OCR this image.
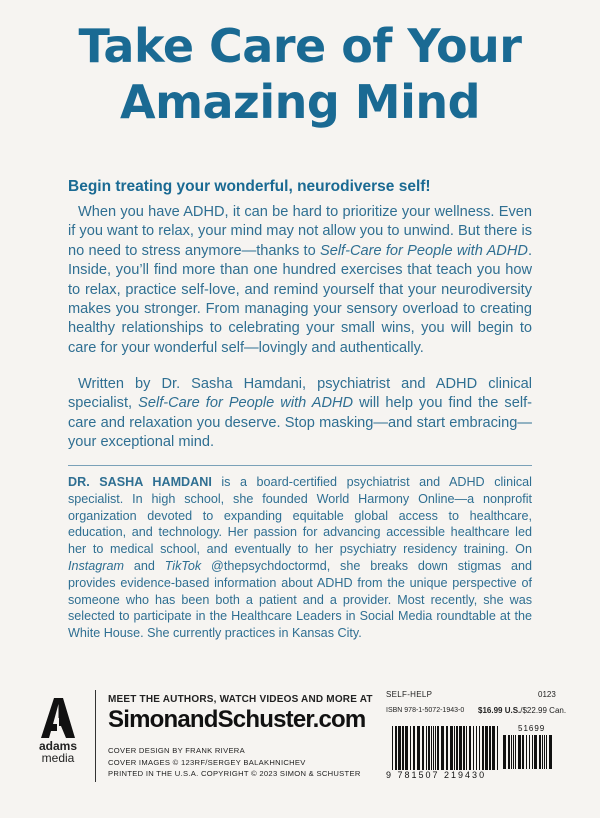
Take Care of Your
Amazing Mind
Begin treating your wonderful, neurodiverse self!
When you have ADHD, it can be hard to prioritize your wellness. Even if you want to relax, your mind may not allow you to unwind. But there is no need to stress anymore—thanks to Self-Care for People with ADHD. Inside, you’ll find more than one hundred exercises that teach you how to relax, practice self-love, and remind yourself that your neurodiversity makes you stronger. From managing your sensory overload to creating healthy relationships to celebrating your small wins, you will begin to care for your wonderful self—lovingly and authentically.
Written by Dr. Sasha Hamdani, psychiatrist and ADHD clinical specialist, Self-Care for People with ADHD will help you find the self-care and relaxation you deserve. Stop masking—and start embracing—your exceptional mind.
DR. SASHA HAMDANI is a board-certified psychiatrist and ADHD clinical specialist. In high school, she founded World Harmony Online—a nonprofit organization devoted to expanding equitable global access to healthcare, education, and technology. Her passion for advancing accessible healthcare led her to medical school, and eventually to her psychiatry residency training. On Instagram and TikTok @thepsychdoctormd, she breaks down stigmas and provides evidence-based information about ADHD from the unique perspective of someone who has been both a patient and a provider. Most recently, she was selected to participate in the Healthcare Leaders in Social Media roundtable at the White House. She currently practices in Kansas City.
adams
media
MEET THE AUTHORS, WATCH VIDEOS AND MORE AT
SimonandSchuster.com
COVER DESIGN BY FRANK RIVERA
COVER IMAGES © 123RF/SERGEY BALAKHNICHEV
PRINTED IN THE U.S.A. COPYRIGHT © 2023 SIMON & SCHUSTER
SELF-HELP	0123
ISBN 978-1-5072-1943-0 $16.99 U.S./$22.99 Can.
51699
9 781507 219430
